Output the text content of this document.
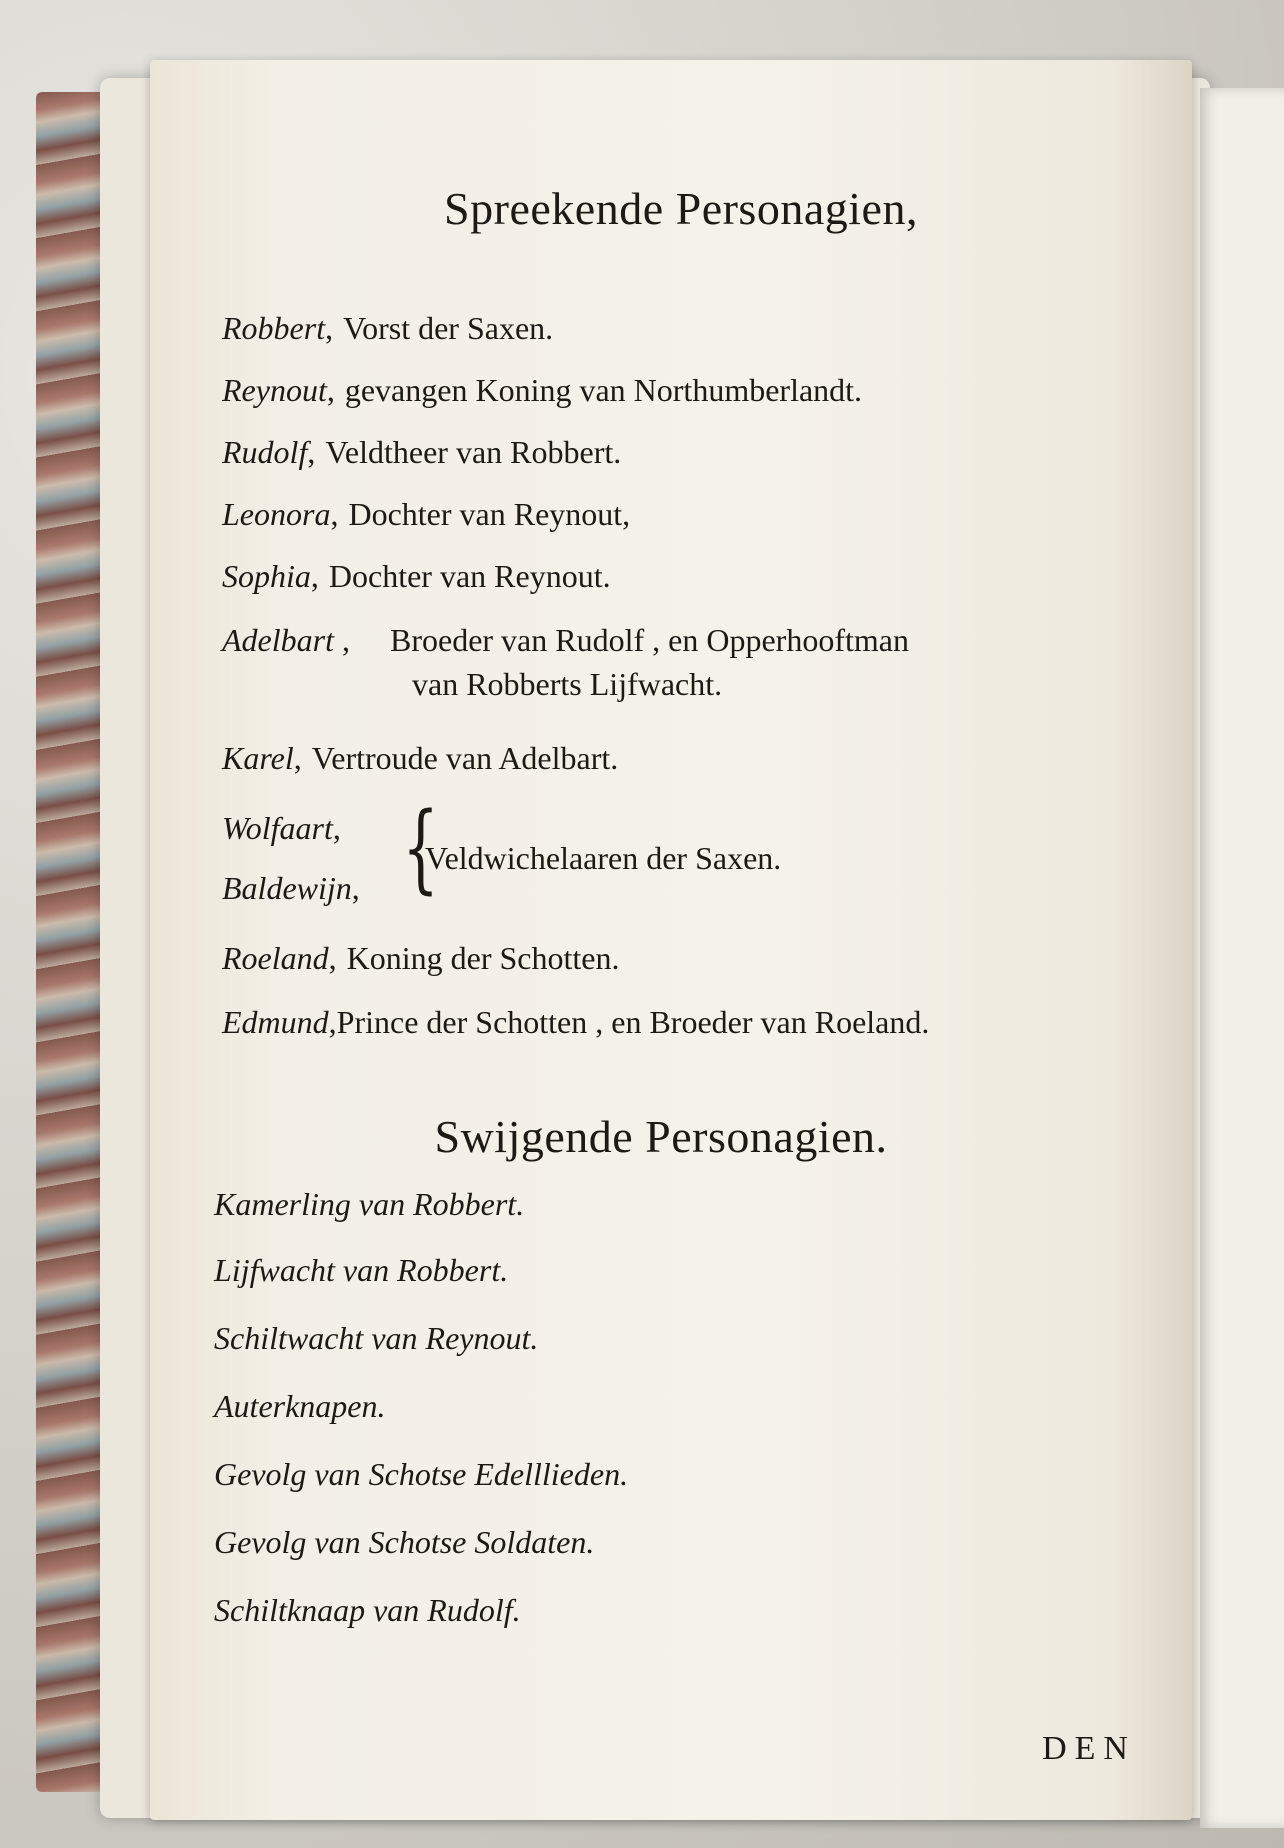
Spreekende Personagien,
Robbert, Vorst der Saxen.
Reynout, gevangen Koning van Northumberlandt.
Rudolf, Veldtheer van Robbert.
Leonora, Dochter van Reynout,
Sophia, Dochter van Reynout.
Adelbart , Broeder van Rudolf , en Opperhooftman
van Robberts Lijfwacht.
Karel, Vertroude van Adelbart.
Wolfaart,
Baldewijn, {
Veldwichelaaren der Saxen.
Roeland, Koning der Schotten.
Edmund,Prince der Schotten , en Broeder van Roeland.
Swijgende Personagien.
Kamerling van Robbert.
Lijfwacht van Robbert.
Schiltwacht van Reynout.
Auterknapen.
Gevolg van Schotse Edelllieden.
Gevolg van Schotse Soldaten.
Schiltknaap van Rudolf.
DEN
